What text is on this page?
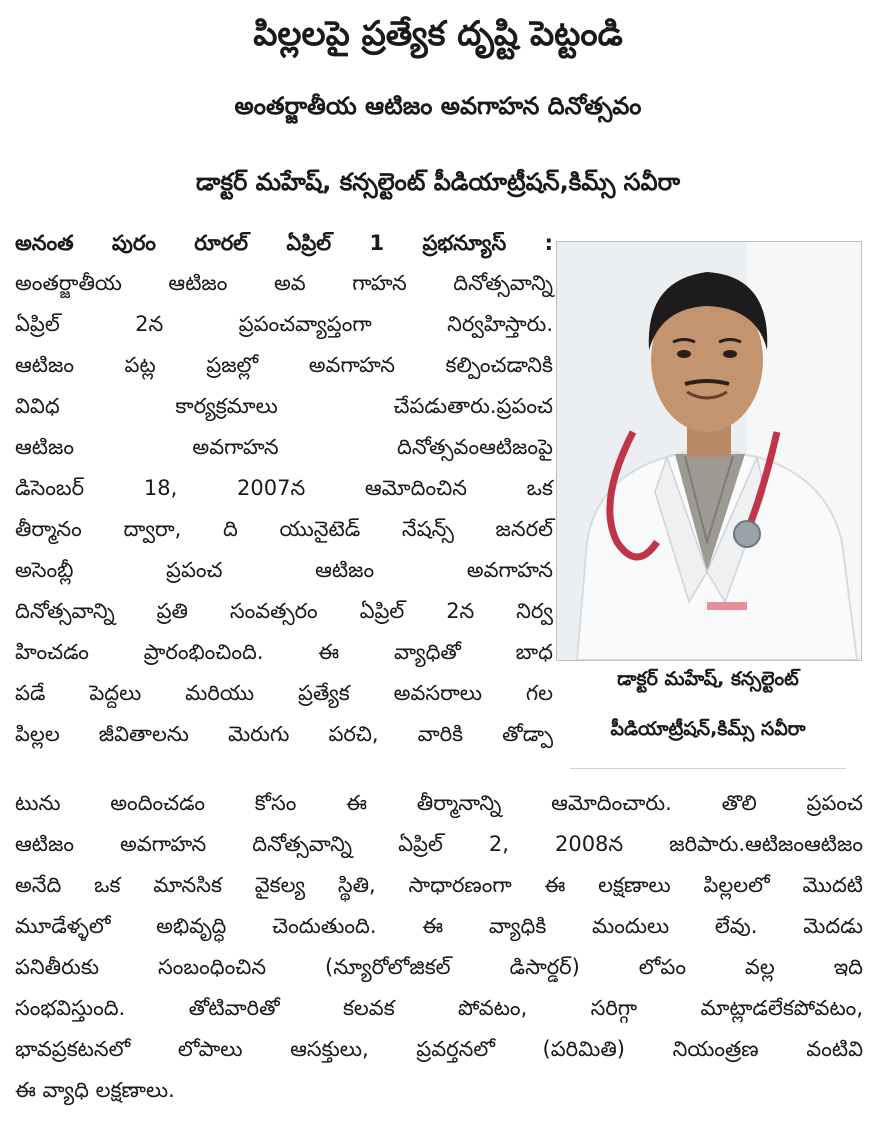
పిల్లలపై ప్రత్యేక దృష్టి పెట్టండి
అంతర్జాతీయ ఆటిజం అవగాహన దినోత్సవం
డాక్టర్ మహేష్, కన్సల్టెంట్ పీడియాట్రీషన్,కిమ్స్ సవీరా
అనంత పురం రూరల్ ఏప్రిల్ 1 ప్రభన్యూస్ :
అంతర్జాతీయ ఆటిజం అవ గాహన దినోత్సవాన్ని
ఏప్రిల్ 2న ప్రపంచవ్యాప్తంగా నిర్వహిస్తారు.
ఆటిజం పట్ల ప్రజల్లో అవగాహన కల్పించడానికి
వివిధ కార్యక్రమాలు చేపడుతారు.ప్రపంచ
ఆటిజం అవగాహన దినోత్సవంఆటిజంపై
డిసెంబర్ 18, 2007న ఆమోదించిన ఒక
తీర్మానం ద్వారా, ది యునైటెడ్ నేషన్స్ జనరల్
అసెంబ్లీ ప్రపంచ ఆటిజం అవగాహన
దినోత్సవాన్ని ప్రతి సంవత్సరం ఏప్రిల్ 2న నిర్వ
హించడం ప్రారంభించింది. ఈ వ్యాధితో బాధ
పడే పెద్దలు మరియు ప్రత్యేక అవసరాలు గల
పిల్లల జీవితాలను మెరుగు పరచి, వారికి తోడ్పా
డాక్టర్ మహేష్, కన్సల్టెంట్
పీడియాట్రీషన్,కిమ్స్ సవీరా
టును అందించడం కోసం ఈ తీర్మానాన్ని ఆమోదించారు. తొలి ప్రపంచ
ఆటిజం అవగాహన దినోత్సవాన్ని ఏప్రిల్ 2, 2008న జరిపారు.ఆటిజంఆటిజం
అనేది ఒక మానసిక వైకల్య స్థితి, సాధారణంగా ఈ లక్షణాలు పిల్లలలో మొదటి
మూడేళ్ళలో అభివృద్ధి చెందుతుంది. ఈ వ్యాధికి మందులు లేవు. మెదడు
పనితీరుకు సంబంధించిన (న్యూరోలోజికల్ డిసార్డర్) లోపం వల్ల ఇది
సంభవిస్తుంది. తోటివారితో కలవక పోవటం, సరిగ్గా మాట్లాడలేకపోవటం,
భావప్రకటనలో లోపాలు ఆసక్తులు, ప్రవర్తనలో (పరిమితి) నియంత్రణ వంటివి
ఈ వ్యాధి లక్షణాలు.
